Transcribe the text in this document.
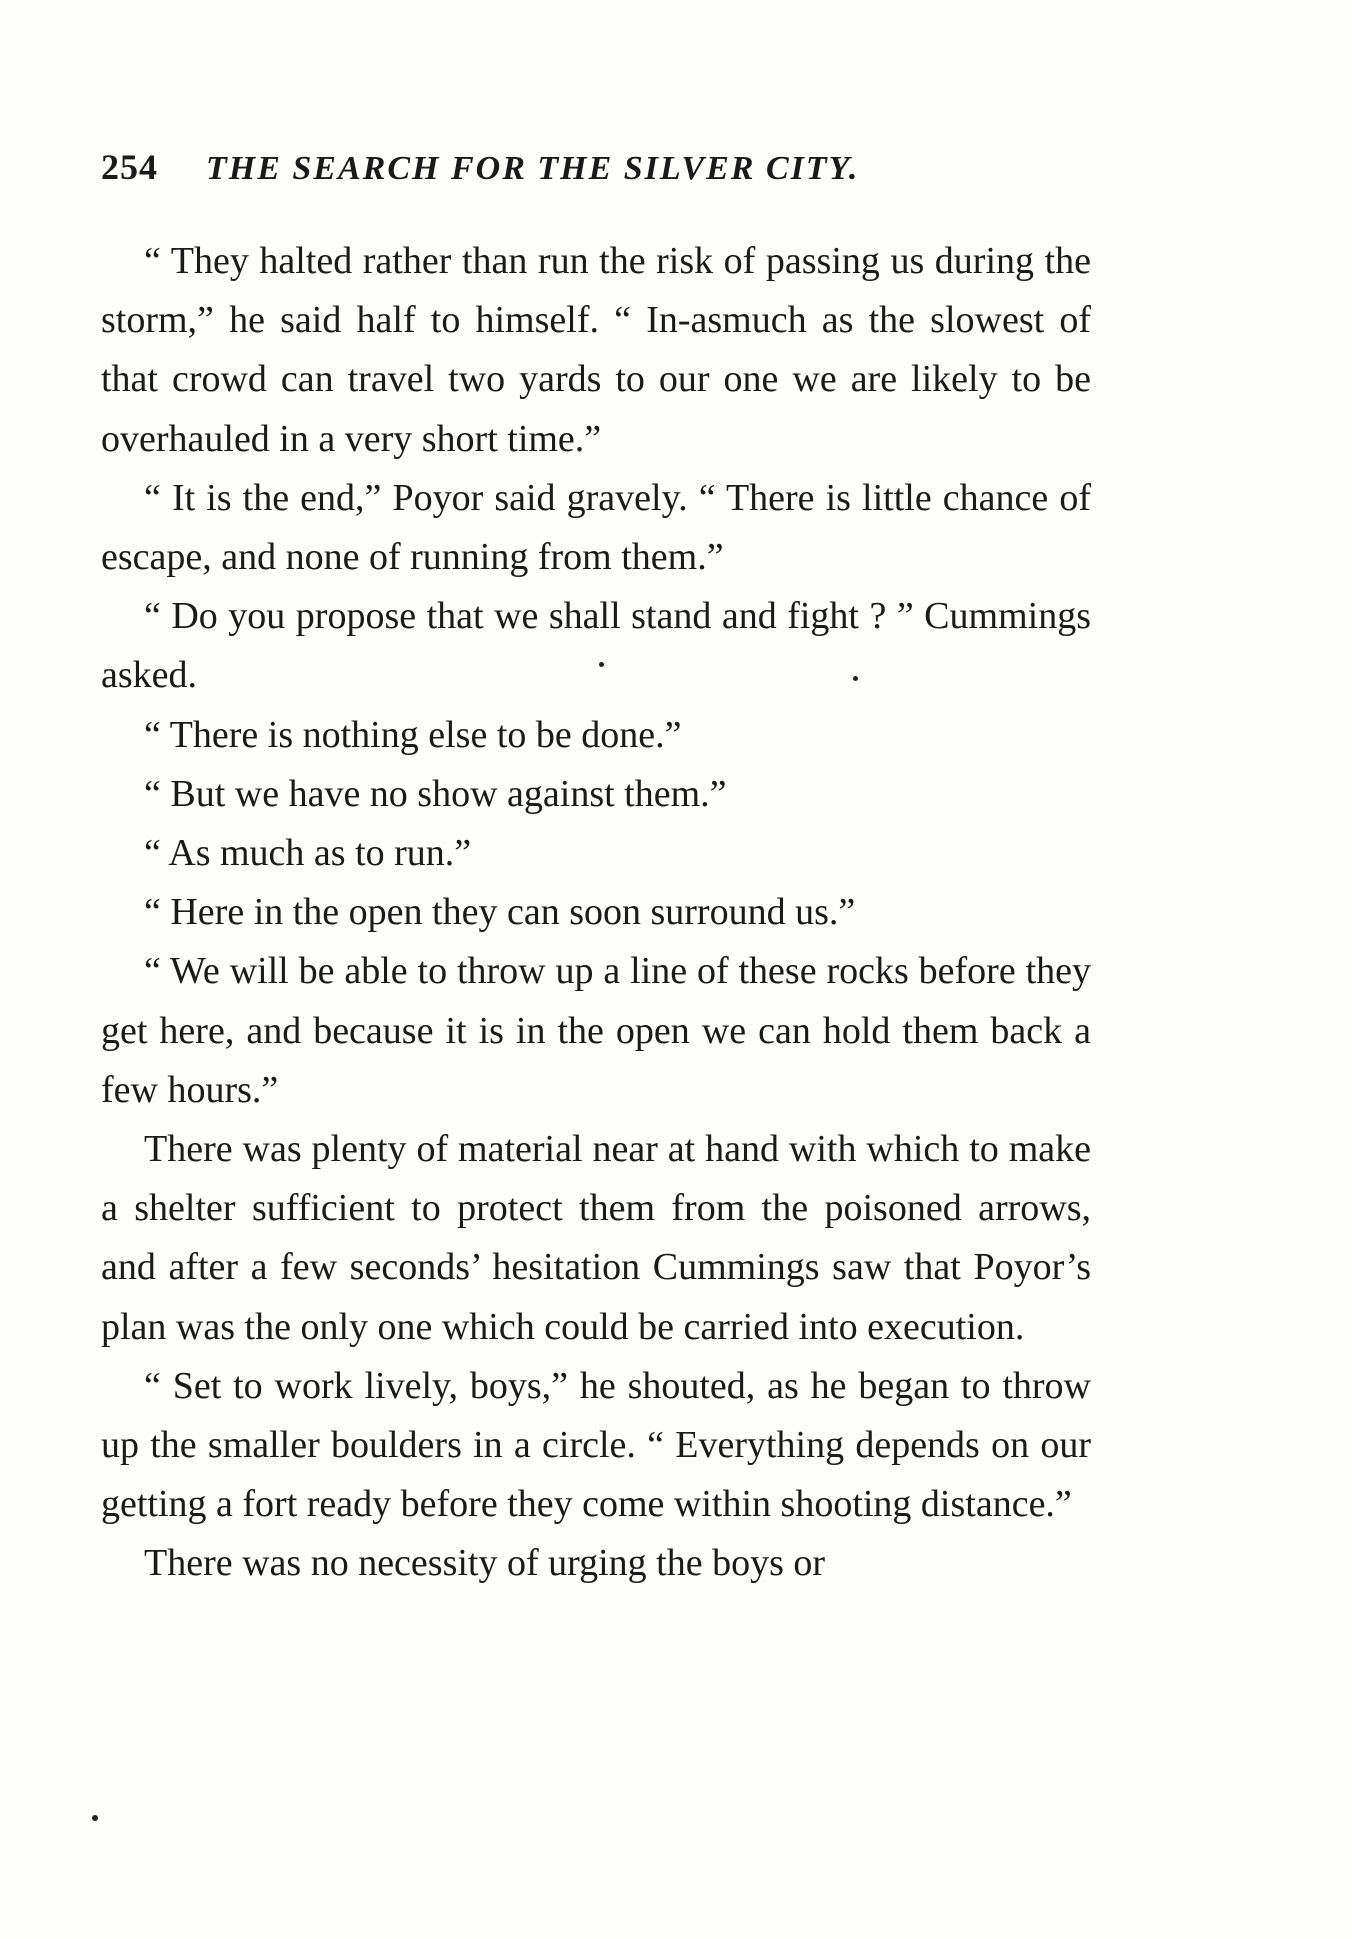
254 THE SEARCH FOR THE SILVER CITY.

“ They halted rather than run the risk of passing us during the storm,” he said half to himself. “ In-asmuch as the slowest of that crowd can travel two yards to our one we are likely to be overhauled in a very short time.”

“ It is the end,” Poyor said gravely. “ There is little chance of escape, and none of running from them.”

“ Do you propose that we shall stand and fight ? ” Cummings asked.

“ There is nothing else to be done.”

“ But we have no show against them.”

“ As much as to run.”

“ Here in the open they can soon surround us.”

“ We will be able to throw up a line of these rocks before they get here, and because it is in the open we can hold them back a few hours.”

There was plenty of material near at hand with which to make a shelter sufficient to protect them from the poisoned arrows, and after a few seconds’ hesitation Cummings saw that Poyor’s plan was the only one which could be carried into execution.

“ Set to work lively, boys,” he shouted, as he began to throw up the smaller boulders in a circle. “ Everything depends on our getting a fort ready before they come within shooting distance.”

There was no necessity of urging the boys or
